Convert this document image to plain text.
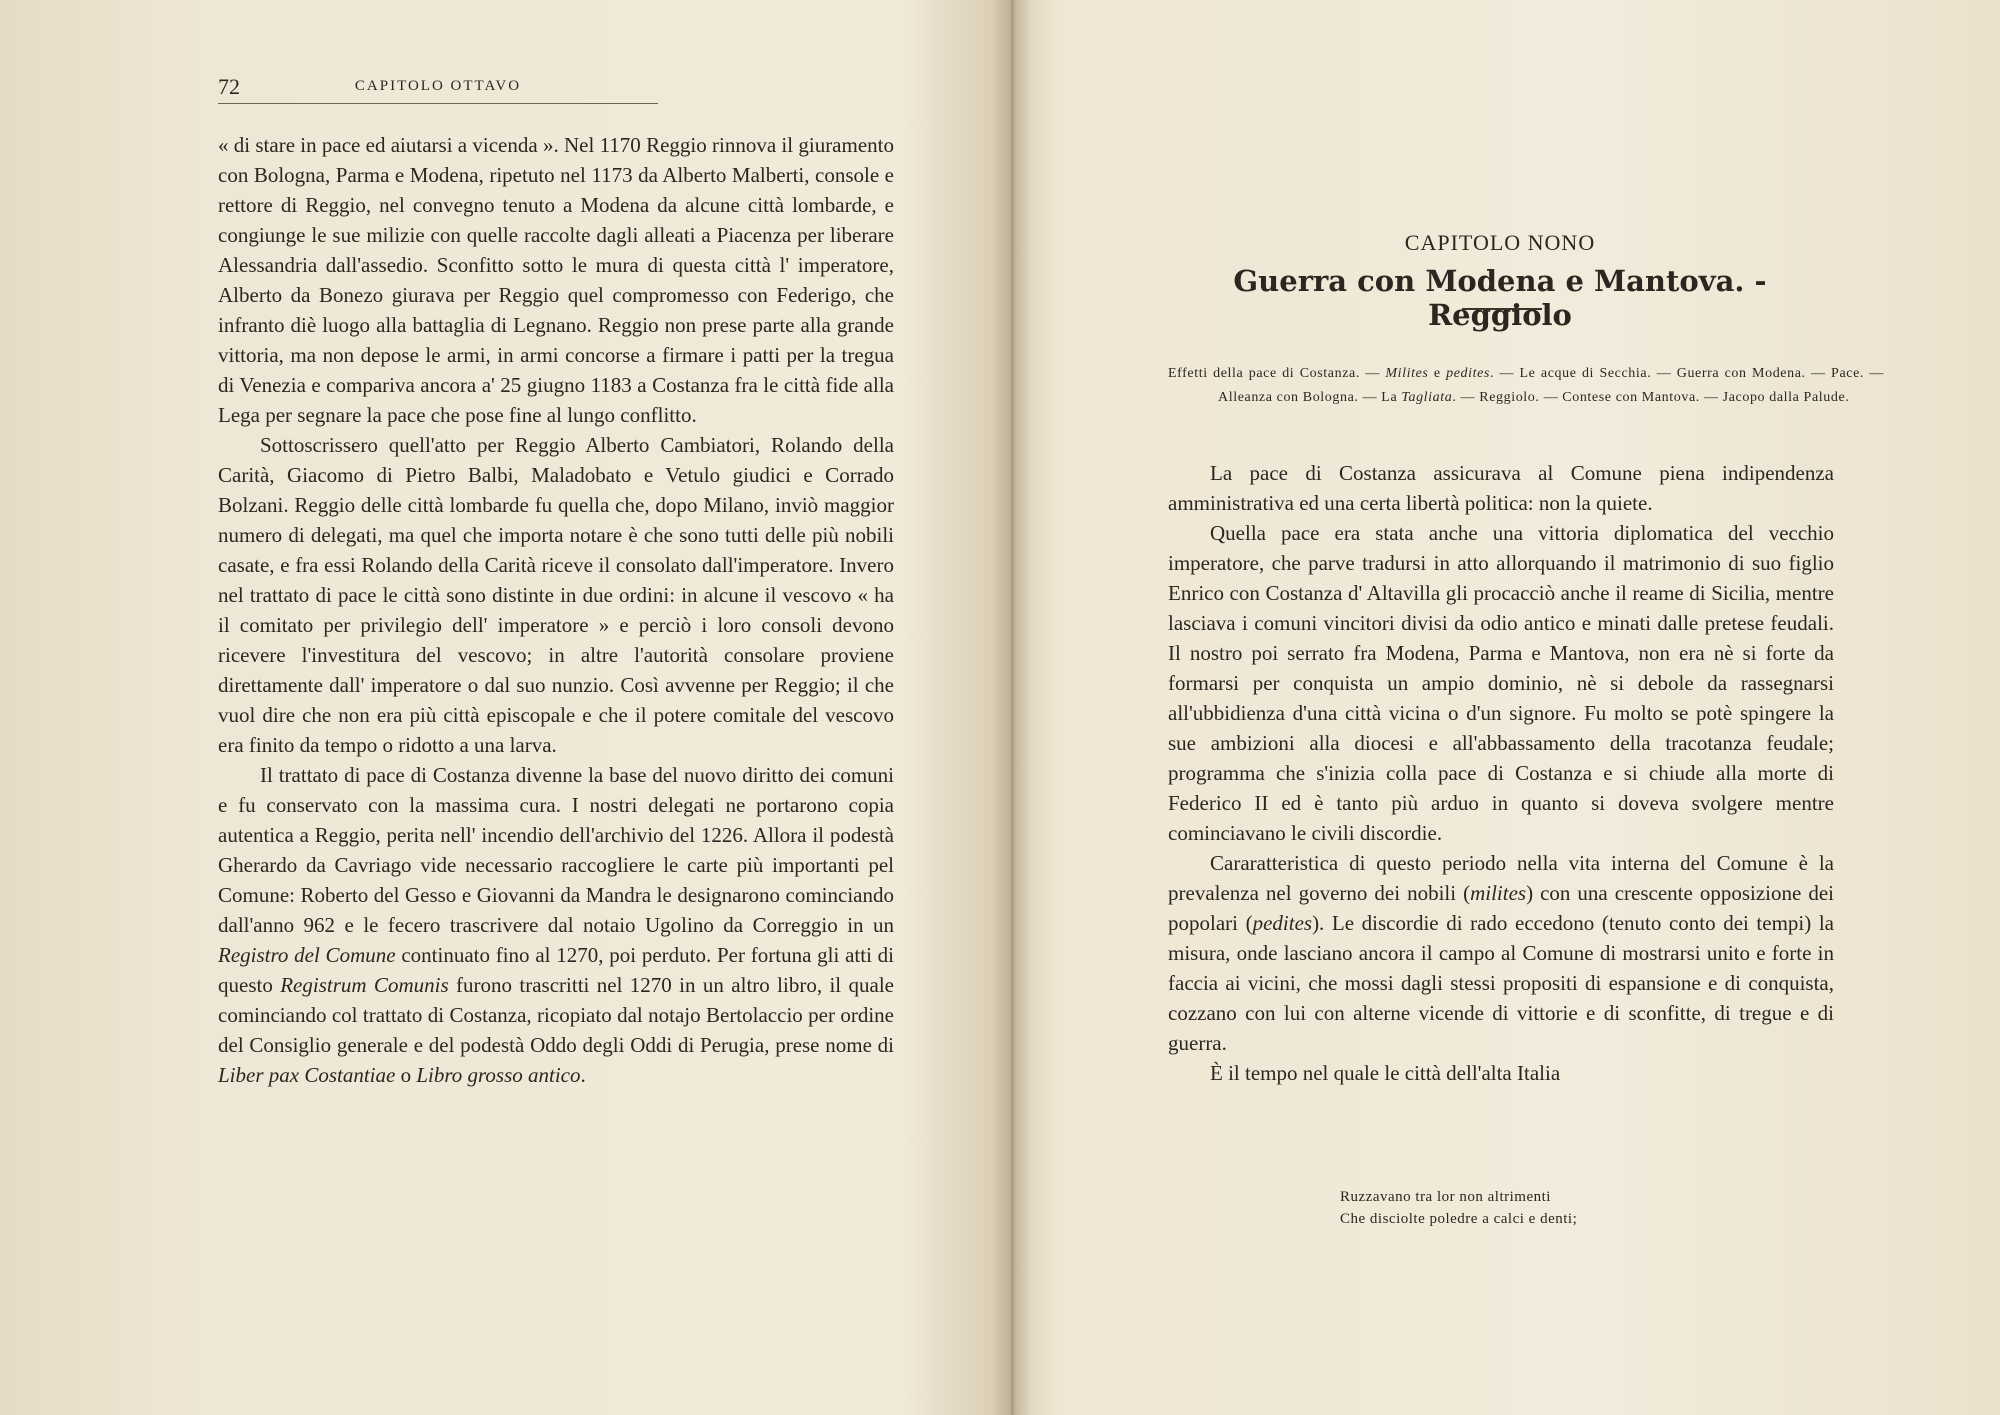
72	CAPITOLO OTTAVO

« di stare in pace ed aiutarsi a vicenda ». Nel 1170 Reggio rinnova il giuramento con Bologna, Parma e Modena, ripetuto nel 1173 da Alberto Malberti, console e rettore di Reggio, nel convegno tenuto a Modena da alcune città lombarde, e congiunge le sue milizie con quelle raccolte dagli alleati a Piacenza per liberare Alessandria dall'assedio. Sconfitto sotto le mura di questa città l' imperatore, Alberto da Bonezo giurava per Reggio quel compromesso con Federigo, che infranto diè luogo alla battaglia di Legnano. Reggio non prese parte alla grande vittoria, ma non depose le armi, in armi concorse a firmare i patti per la tregua di Venezia e compariva ancora a' 25 giugno 1183 a Costanza fra le città fide alla Lega per segnare la pace che pose fine al lungo conflitto.

Sottoscrissero quell'atto per Reggio Alberto Cambiatori, Rolando della Carità, Giacomo di Pietro Balbi, Maladobato e Vetulo giudici e Corrado Bolzani. Reggio delle città lombarde fu quella che, dopo Milano, inviò maggior numero di delegati, ma quel che importa notare è che sono tutti delle più nobili casate, e fra essi Rolando della Carità riceve il consolato dall'imperatore. Invero nel trattato di pace le città sono distinte in due ordini: in alcune il vescovo « ha il comitato per privilegio dell' imperatore » e perciò i loro consoli devono ricevere l'investitura del vescovo; in altre l'autorità consolare proviene direttamente dall' imperatore o dal suo nunzio. Così avvenne per Reggio; il che vuol dire che non era più città episcopale e che il potere comitale del vescovo era finito da tempo o ridotto a una larva.

Il trattato di pace di Costanza divenne la base del nuovo diritto dei comuni e fu conservato con la massima cura. I nostri delegati ne portarono copia autentica a Reggio, perita nell' incendio dell'archivio del 1226. Allora il podestà Gherardo da Cavriago vide necessario raccogliere le carte più importanti pel Comune: Roberto del Gesso e Giovanni da Mandra le designarono cominciando dall'anno 962 e le fecero trascrivere dal notaio Ugolino da Correggio in un Registro del Comune continuato fino al 1270, poi perduto. Per fortuna gli atti di questo Registrum Comunis furono trascritti nel 1270 in un altro libro, il quale cominciando col trattato di Costanza, ricopiato dal notajo Bertolaccio per ordine del Consiglio generale e del podestà Oddo degli Oddi di Perugia, prese nome di Liber pax Costantiae o Libro grosso antico.

CAPITOLO NONO
Guerra con Modena e Mantova. - Reggiolo
Effetti della pace di Costanza. — Milites e pedites. — Le acque di Secchia. — Guerra con Modena. — Pace. — Alleanza con Bologna. — La Tagliata. — Reggiolo. — Contese con Mantova. — Jacopo dalla Palude.

La pace di Costanza assicurava al Comune piena indipendenza amministrativa ed una certa libertà politica: non la quiete.

Quella pace era stata anche una vittoria diplomatica del vecchio imperatore, che parve tradursi in atto allorquando il matrimonio di suo figlio Enrico con Costanza d' Altavilla gli procacciò anche il reame di Sicilia, mentre lasciava i comuni vincitori divisi da odio antico e minati dalle pretese feudali. Il nostro poi serrato fra Modena, Parma e Mantova, non era nè si forte da formarsi per conquista un ampio dominio, nè si debole da rassegnarsi all'ubbidienza d'una città vicina o d'un signore. Fu molto se potè spingere la sue ambizioni alla diocesi e all'abbassamento della tracotanza feudale; programma che s'inizia colla pace di Costanza e si chiude alla morte di Federico II ed è tanto più arduo in quanto si doveva svolgere mentre cominciavano le civili discordie.

Cararatteristica di questo periodo nella vita interna del Comune è la prevalenza nel governo dei nobili (milites) con una crescente opposizione dei popolari (pedites). Le discordie di rado eccedono (tenuto conto dei tempi) la misura, onde lasciano ancora il campo al Comune di mostrarsi unito e forte in faccia ai vicini, che mossi dagli stessi propositi di espansione e di conquista, cozzano con lui con alterne vicende di vittorie e di sconfitte, di tregue e di guerra.

È il tempo nel quale le città dell'alta Italia

Ruzzavano tra lor non altrimenti
Che disciolte poledre a calci e denti;
